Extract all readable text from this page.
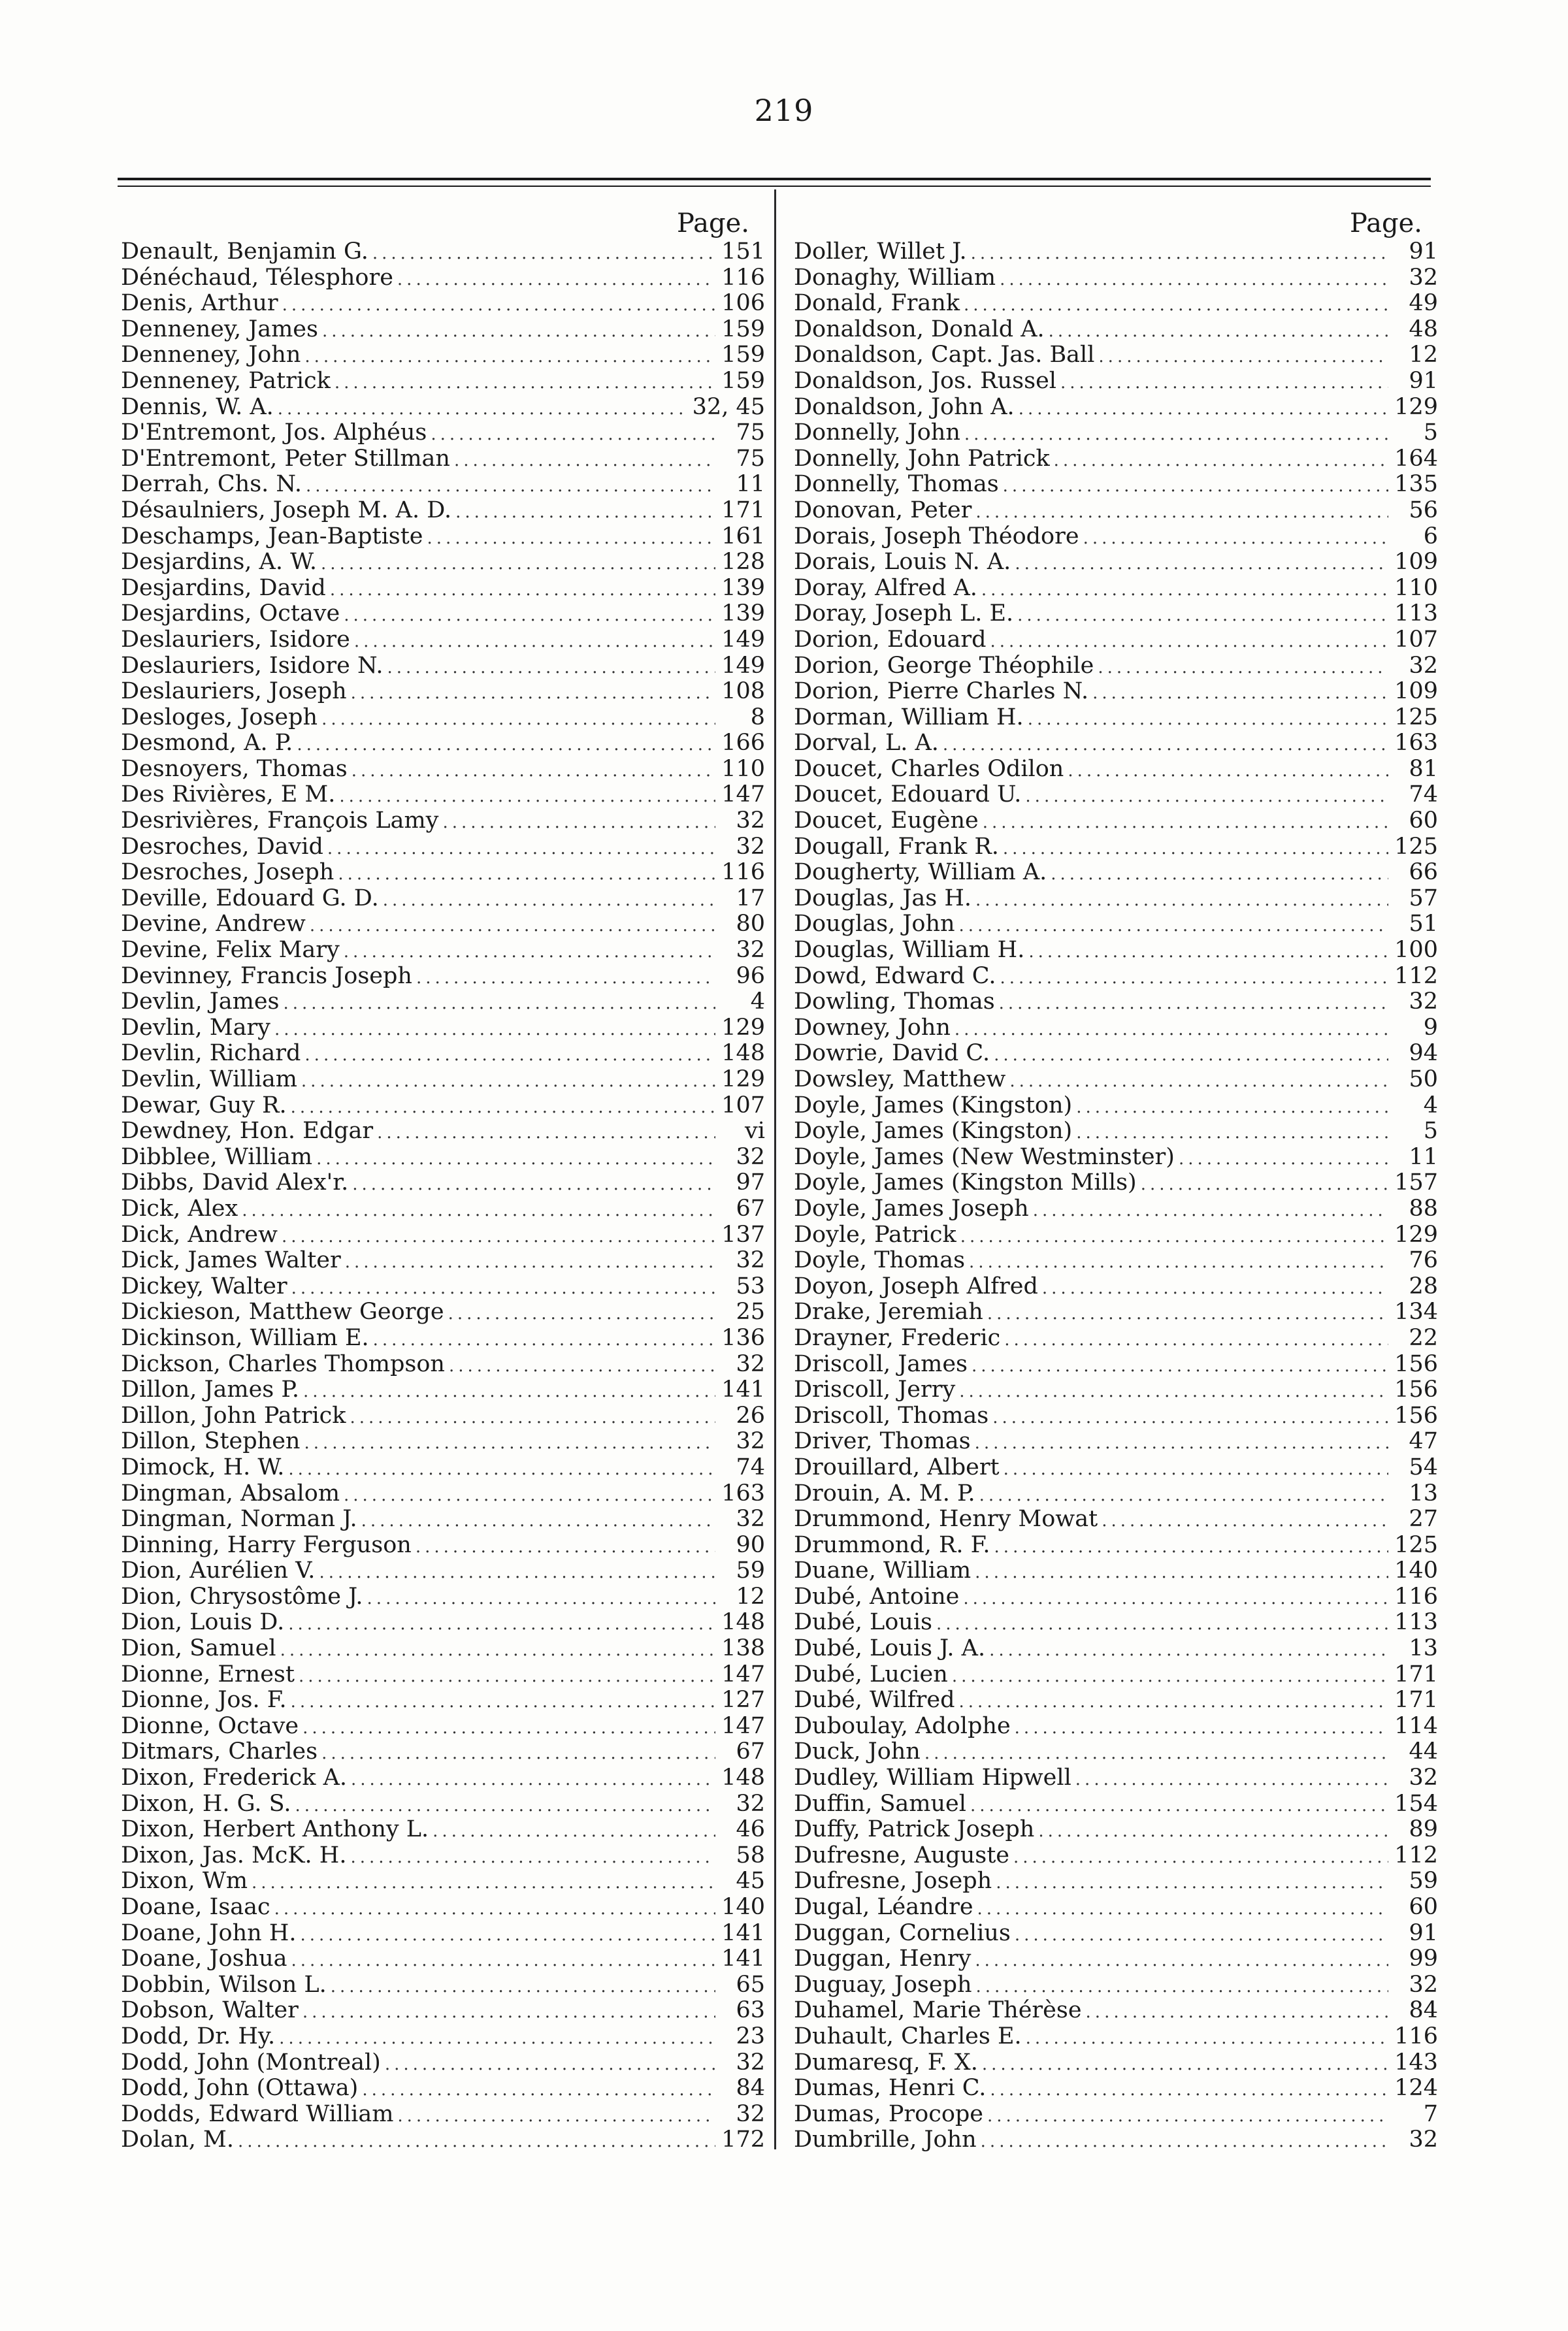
219
Page.
Denault, Benjamin G. .....	151
Dénéchaud, Télesphore .....	116
Denis, Arthur .....	106
Denneney, James .....	159
Denneney, John .....	159
Denneney, Patrick .....	159
Dennis, W. A. .....	32, 45
D'Entremont, Jos. Alphéus .....	75
D'Entremont, Peter Stillman .....	75
Derrah, Chs. N. .....	11
Désaulniers, Joseph M. A. D. .....	171
Deschamps, Jean-Baptiste .....	161
Desjardins, A. W. .....	128
Desjardins, David .....	139
Desjardins, Octave .....	139
Deslauriers, Isidore .....	149
Deslauriers, Isidore N. .....	149
Deslauriers, Joseph .....	108
Desloges, Joseph .....	8
Desmond, A. P. .....	166
Desnoyers, Thomas .....	110
Des Rivières, E M. .....	147
Desrivières, François Lamy .....	32
Desroches, David .....	32
Desroches, Joseph .....	116
Deville, Edouard G. D. .....	17
Devine, Andrew .....	80
Devine, Felix Mary .....	32
Devinney, Francis Joseph .....	96
Devlin, James .....	4
Devlin, Mary .....	129
Devlin, Richard .....	148
Devlin, William .....	129
Dewar, Guy R. .....	107
Dewdney, Hon. Edgar .....	vi
Dibblee, William .....	32
Dibbs, David Alex'r. .....	97
Dick, Alex .....	67
Dick, Andrew .....	137
Dick, James Walter .....	32
Dickey, Walter .....	53
Dickieson, Matthew George .....	25
Dickinson, William E. .....	136
Dickson, Charles Thompson .....	32
Dillon, James P. .....	141
Dillon, John Patrick .....	26
Dillon, Stephen .....	32
Dimock, H. W. .....	74
Dingman, Absalom .....	163
Dingman, Norman J. .....	32
Dinning, Harry Ferguson .....	90
Dion, Aurélien V. .....	59
Dion, Chrysostôme J. .....	12
Dion, Louis D. .....	148
Dion, Samuel .....	138
Dionne, Ernest .....	147
Dionne, Jos. F. .....	127
Dionne, Octave .....	147
Ditmars, Charles .....	67
Dixon, Frederick A. .....	148
Dixon, H. G. S. .....	32
Dixon, Herbert Anthony L. .....	46
Dixon, Jas. McK. H. .....	58
Dixon, Wm .....	45
Doane, Isaac .....	140
Doane, John H. .....	141
Doane, Joshua .....	141
Dobbin, Wilson L. .....	65
Dobson, Walter .....	63
Dodd, Dr. Hy. .....	23
Dodd, John (Montreal) .....	32
Dodd, John (Ottawa) .....	84
Dodds, Edward William .....	32
Dolan, M. .....	172
Page.
Doller, Willet J. .....	91
Donaghy, William .....	32
Donald, Frank .....	49
Donaldson, Donald A. .....	48
Donaldson, Capt. Jas. Ball .....	12
Donaldson, Jos. Russel .....	91
Donaldson, John A. .....	129
Donnelly, John .....	5
Donnelly, John Patrick .....	164
Donnelly, Thomas .....	135
Donovan, Peter .....	56
Dorais, Joseph Théodore .....	6
Dorais, Louis N. A. .....	109
Doray, Alfred A. .....	110
Doray, Joseph L. E. .....	113
Dorion, Edouard .....	107
Dorion, George Théophile .....	32
Dorion, Pierre Charles N. .....	109
Dorman, William H. .....	125
Dorval, L. A. .....	163
Doucet, Charles Odilon .....	81
Doucet, Edouard U. .....	74
Doucet, Eugène .....	60
Dougall, Frank R. .....	125
Dougherty, William A. .....	66
Douglas, Jas H. .....	57
Douglas, John .....	51
Douglas, William H. .....	100
Dowd, Edward C. .....	112
Dowling, Thomas .....	32
Downey, John .....	9
Dowrie, David C. .....	94
Dowsley, Matthew .....	50
Doyle, James (Kingston) .....	4
Doyle, James (Kingston) .....	5
Doyle, James (New Westminster) .....	11
Doyle, James (Kingston Mills) .....	157
Doyle, James Joseph .....	88
Doyle, Patrick .....	129
Doyle, Thomas .....	76
Doyon, Joseph Alfred .....	28
Drake, Jeremiah .....	134
Drayner, Frederic .....	22
Driscoll, James .....	156
Driscoll, Jerry .....	156
Driscoll, Thomas .....	156
Driver, Thomas .....	47
Drouillard, Albert .....	54
Drouin, A. M. P. .....	13
Drummond, Henry Mowat .....	27
Drummond, R. F. .....	125
Duane, William .....	140
Dubé, Antoine .....	116
Dubé, Louis .....	113
Dubé, Louis J. A. .....	13
Dubé, Lucien .....	171
Dubé, Wilfred .....	171
Duboulay, Adolphe .....	114
Duck, John .....	44
Dudley, William Hipwell .....	32
Duffin, Samuel .....	154
Duffy, Patrick Joseph .....	89
Dufresne, Auguste .....	112
Dufresne, Joseph .....	59
Dugal, Léandre .....	60
Duggan, Cornelius .....	91
Duggan, Henry .....	99
Duguay, Joseph .....	32
Duhamel, Marie Thérèse .....	84
Duhault, Charles E. .....	116
Dumaresq, F. X. .....	143
Dumas, Henri C. .....	124
Dumas, Procope .....	7
Dumbrille, John .....	32
